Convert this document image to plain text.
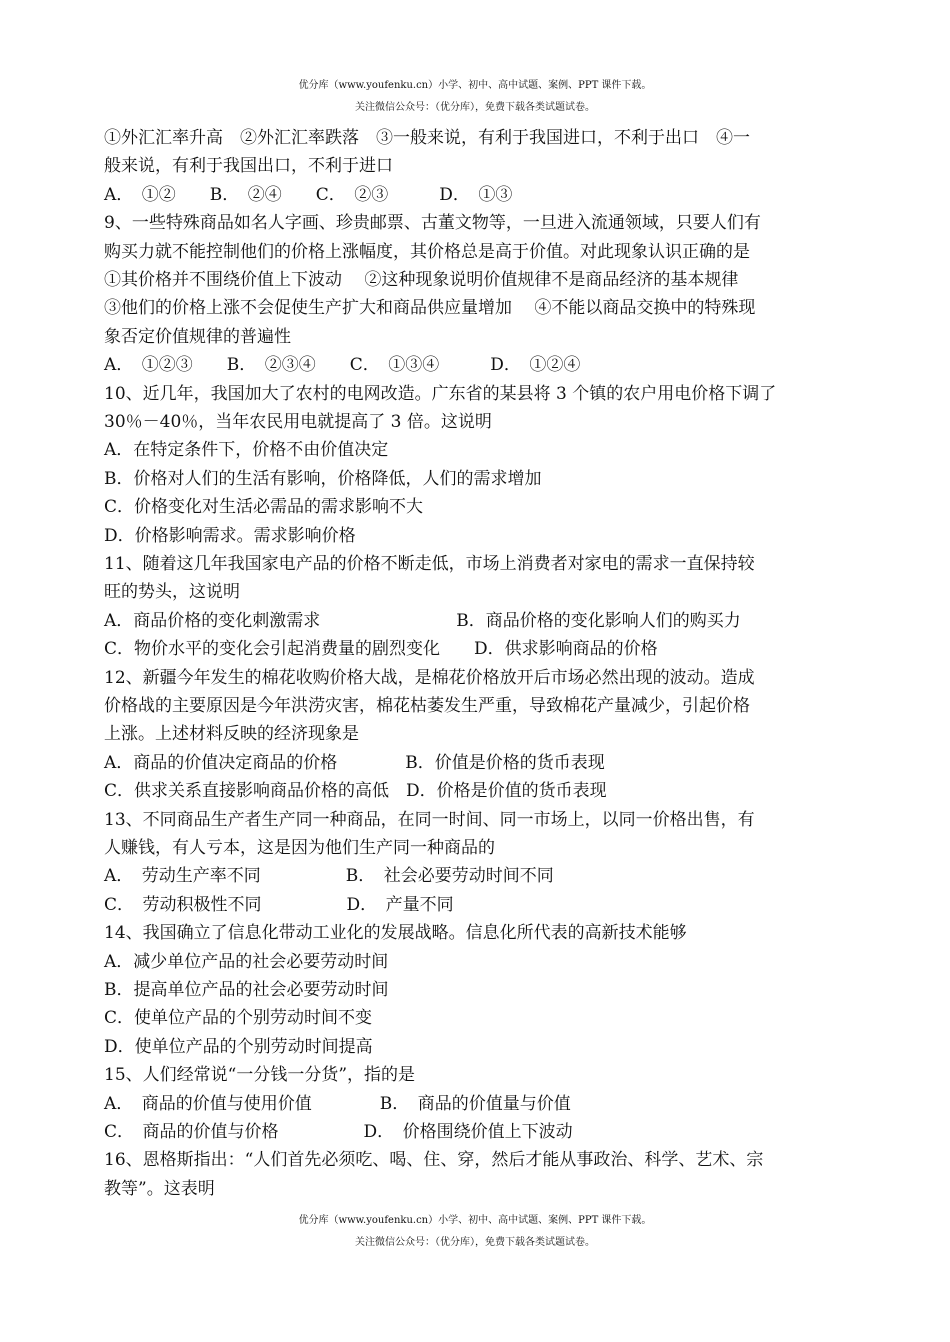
优分库（www.youfenku.cn）小学、初中、高中试题、案例、PPT 课件下载。
关注微信公众号：（优分库），免费下载各类试题试卷。
①外汇汇率升高　②外汇汇率跌落　③一般来说，有利于我国进口，不利于出口　④一
般来说，有利于我国出口，不利于进口
A．　①②　　B．　②④　　C．　②③　　　D．　①③
9、一些特殊商品如名人字画、珍贵邮票、古董文物等，一旦进入流通领域，只要人们有
购买力就不能控制他们的价格上涨幅度，其价格总是高于价值。对此现象认识正确的是
①其价格并不围绕价值上下波动　 ②这种现象说明价值规律不是商品经济的基本规律
③他们的价格上涨不会促使生产扩大和商品供应量增加　 ④不能以商品交换中的特殊现
象否定价值规律的普遍性
A．　①②③　　B．　②③④　　C．　①③④　　　D．　①②④
10、近几年，我国加大了农村的电网改造。广东省的某县将 3 个镇的农户用电价格下调了
30％－40％，当年农民用电就提高了 3 倍。这说明
A．在特定条件下，价格不由价值决定
B．价格对人们的生活有影响，价格降低，人们的需求增加
C．价格变化对生活必需品的需求影响不大
D．价格影响需求。需求影响价格
11、随着这几年我国家电产品的价格不断走低，市场上消费者对家电的需求一直保持较
旺的势头，这说明
A．商品价格的变化刺激需求　　　　　　　　B．商品价格的变化影响人们的购买力
C．物价水平的变化会引起消费量的剧烈变化　　D．供求影响商品的价格
12、新疆今年发生的棉花收购价格大战，是棉花价格放开后市场必然出现的波动。造成
价格战的主要原因是今年洪涝灾害，棉花枯萎发生严重，导致棉花产量减少，引起价格
上涨。上述材料反映的经济现象是
A．商品的价值决定商品的价格　　　　B．价值是价格的货币表现
C．供求关系直接影响商品价格的高低　D．价格是价值的货币表现
13、不同商品生产者生产同一种商品，在同一时间、同一市场上，以同一价格出售，有
人赚钱，有人亏本，这是因为他们生产同一种商品的
A．　劳动生产率不同　　　　　B．　社会必要劳动时间不同
C．　劳动积极性不同　　　　　D．　产量不同
14、我国确立了信息化带动工业化的发展战略。信息化所代表的高新技术能够
A．减少单位产品的社会必要劳动时间
B．提高单位产品的社会必要劳动时间
C．使单位产品的个别劳动时间不变
D．使单位产品的个别劳动时间提高
15、人们经常说“一分钱一分货”，指的是
A．　商品的价值与使用价值　　　　B．　商品的价值量与价值
C．　商品的价值与价格　　　　　D．　价格围绕价值上下波动
16、恩格斯指出：“人们首先必须吃、喝、住、穿，然后才能从事政治、科学、艺术、宗
教等”。这表明
优分库（www.youfenku.cn）小学、初中、高中试题、案例、PPT 课件下载。
关注微信公众号：（优分库），免费下载各类试题试卷。
